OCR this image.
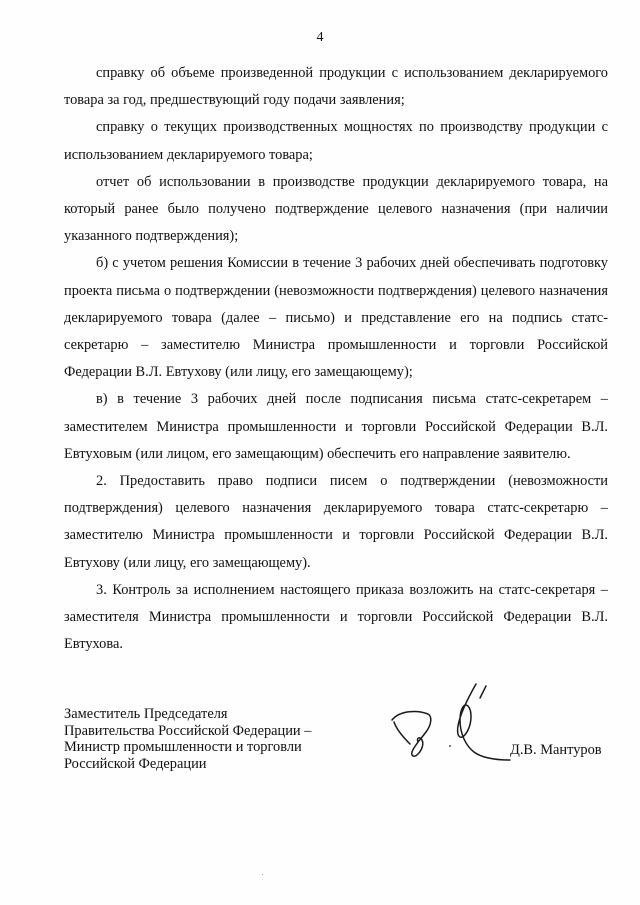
4

справку об объеме произведенной продукции с использованием декларируемого товара за год, предшествующий году подачи заявления;

справку о текущих производственных мощностях по производству продукции с использованием декларируемого товара;

отчет об использовании в производстве продукции декларируемого товара, на который ранее было получено подтверждение целевого назначения (при наличии указанного подтверждения);

б) с учетом решения Комиссии в течение 3 рабочих дней обеспечивать подготовку проекта письма о подтверждении (невозможности подтверждения) целевого назначения декларируемого товара (далее – письмо) и представление его на подпись статс-секретарю – заместителю Министра промышленности и торговли Российской Федерации В.Л. Евтухову (или лицу, его замещающему);

в) в течение 3 рабочих дней после подписания письма статс-секретарем – заместителем Министра промышленности и торговли Российской Федерации В.Л. Евтуховым (или лицом, его замещающим) обеспечить его направление заявителю.

2. Предоставить право подписи писем о подтверждении (невозможности подтверждения) целевого назначения декларируемого товара статс-секретарю – заместителю Министра промышленности и торговли Российской Федерации В.Л. Евтухову (или лицу, его замещающему).

3. Контроль за исполнением настоящего приказа возложить на статс-секретаря – заместителя Министра промышленности и торговли Российской Федерации В.Л. Евтухова.

Заместитель Председателя
Правительства Российской Федерации –
Министр промышленности и торговли
Российской Федерации
Д.В. Мантуров
